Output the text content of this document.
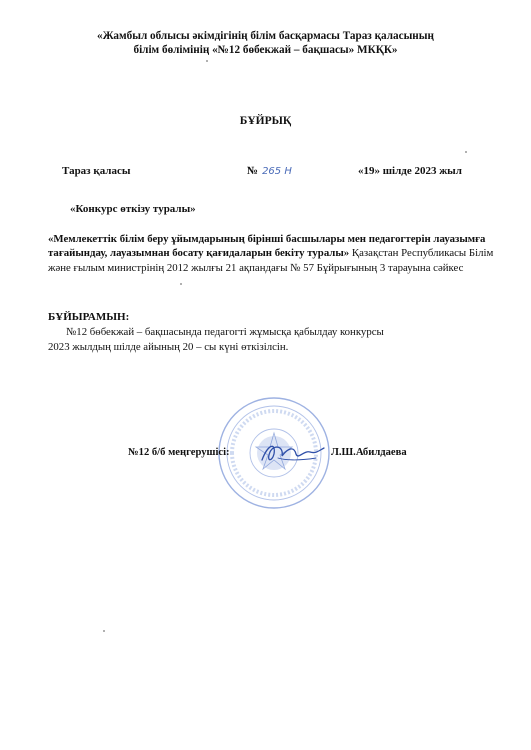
«Жамбыл облысы әкімдігінің білім басқармасы Тараз қаласының
білім бөлімінің «№12 бөбекжай – бақшасы» МКҚК»
БҰЙРЫҚ
Тараз қаласы	№ 265 Н	«19» шілде 2023 жыл
«Конкурс өткізу туралы»
«Мемлекеттік білім беру ұйымдарының бірінші басшылары мен педагогтерін лауазымға тағайындау, лауазымнан босату қағидаларын бекіту туралы» Қазақстан Республикасы Білім және ғылым министрінің 2012 жылғы 21 ақпандағы № 57 Бұйрығының 3 тарауына сәйкес
БҰЙЫРАМЫН:
№12 бөбекжай – бақшасында педагогті жұмысқа қабылдау конкурсы
2023 жылдың шілде айының 20 – сы күні өткізілсін.
№12 б/б меңгерушісі:	Л.Ш.Абилдаева
